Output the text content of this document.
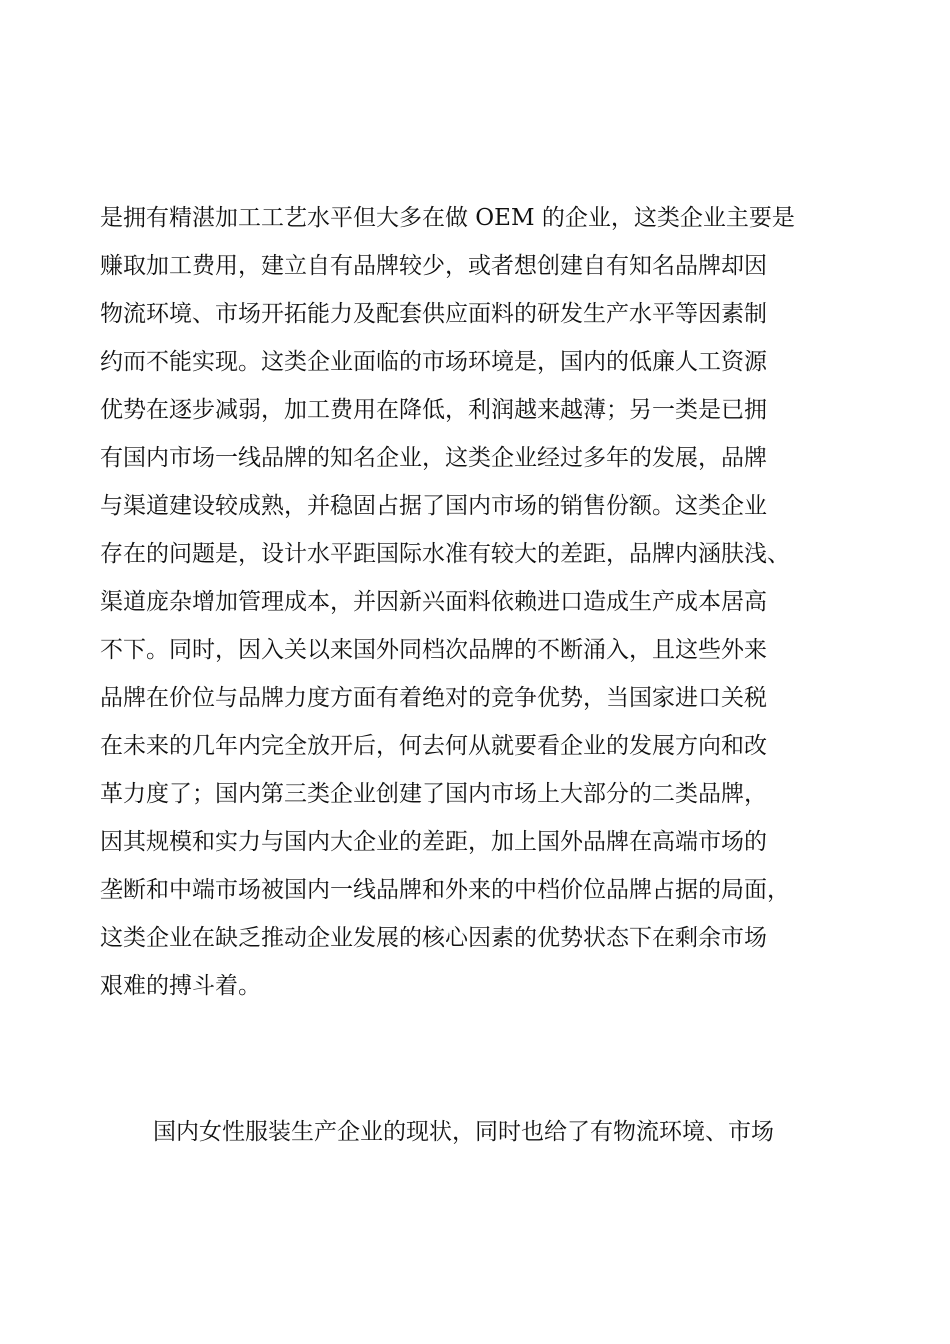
是拥有精湛加工工艺水平但大多在做 OEM 的企业，这类企业主要是
赚取加工费用，建立自有品牌较少，或者想创建自有知名品牌却因
物流环境、市场开拓能力及配套供应面料的研发生产水平等因素制
约而不能实现。这类企业面临的市场环境是，国内的低廉人工资源
优势在逐步减弱，加工费用在降低，利润越来越薄；另一类是已拥
有国内市场一线品牌的知名企业，这类企业经过多年的发展，品牌
与渠道建设较成熟，并稳固占据了国内市场的销售份额。这类企业
存在的问题是，设计水平距国际水准有较大的差距，品牌内涵肤浅、
渠道庞杂增加管理成本，并因新兴面料依赖进口造成生产成本居高
不下。同时，因入关以来国外同档次品牌的不断涌入，且这些外来
品牌在价位与品牌力度方面有着绝对的竞争优势，当国家进口关税
在未来的几年内完全放开后，何去何从就要看企业的发展方向和改
革力度了；国内第三类企业创建了国内市场上大部分的二类品牌，
因其规模和实力与国内大企业的差距，加上国外品牌在高端市场的
垄断和中端市场被国内一线品牌和外来的中档价位品牌占据的局面，
这类企业在缺乏推动企业发展的核心因素的优势状态下在剩余市场
艰难的搏斗着。

国内女性服装生产企业的现状，同时也给了有物流环境、市场
